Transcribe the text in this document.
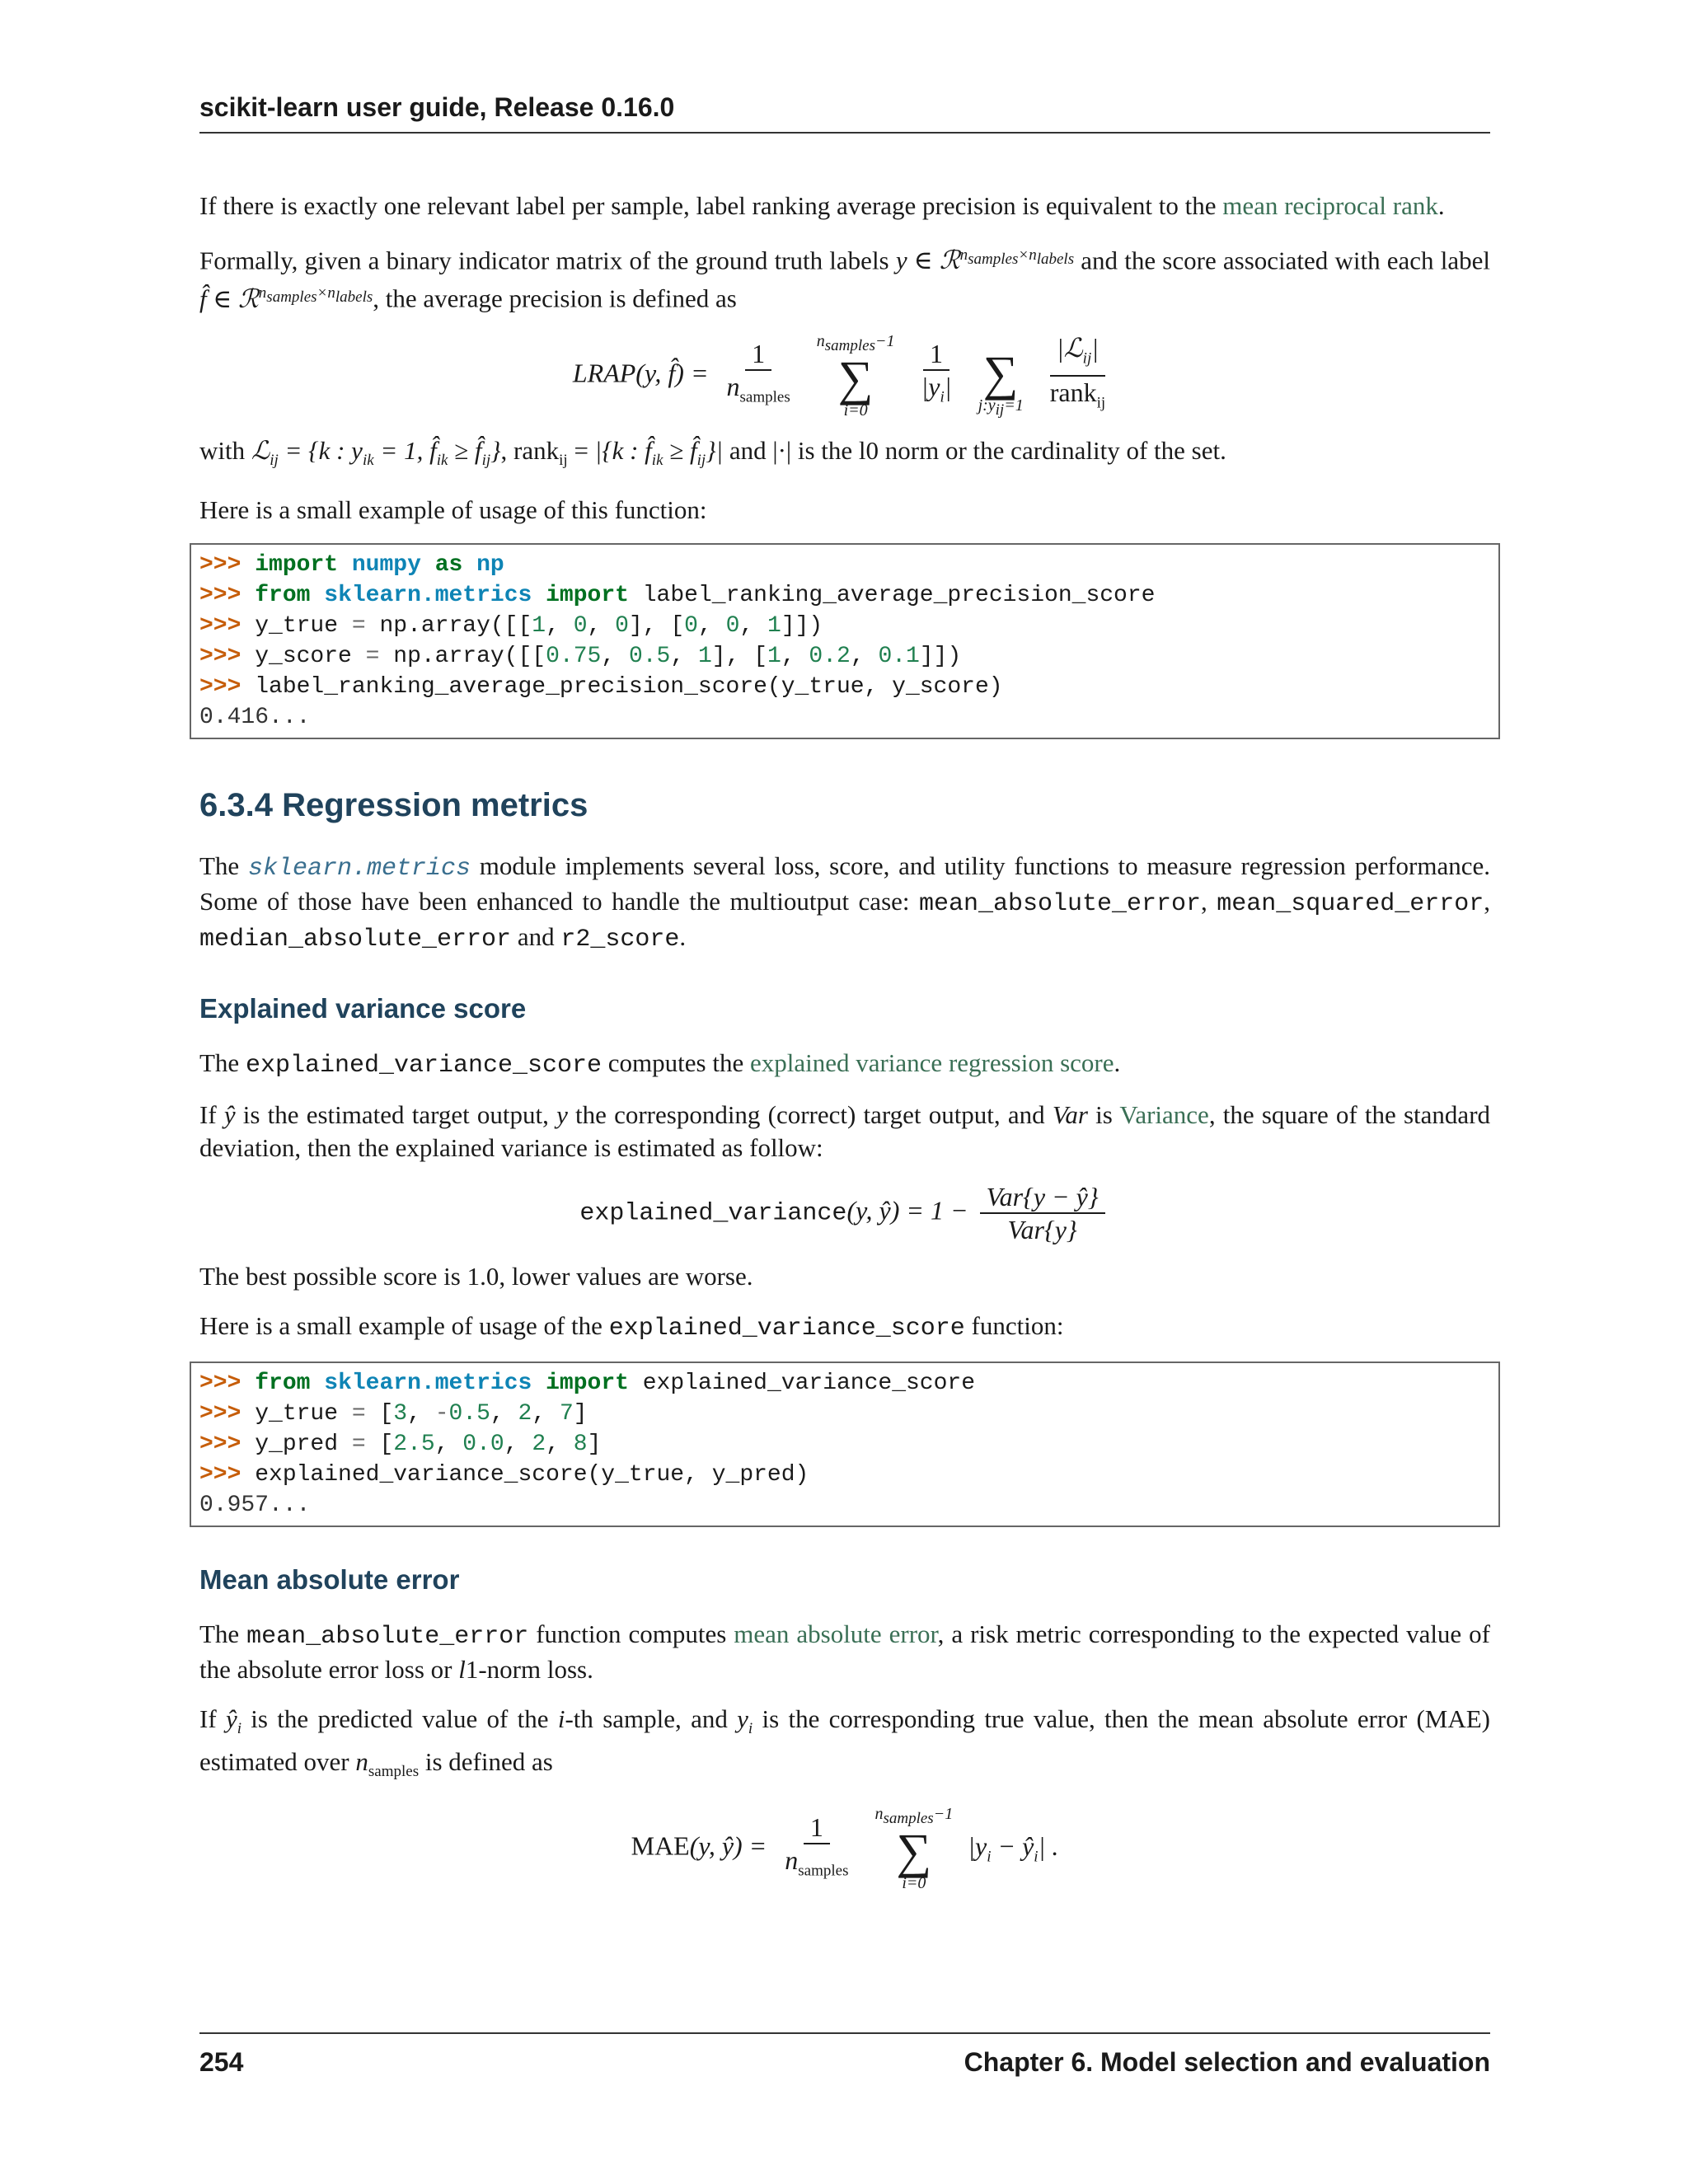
scikit-learn user guide, Release 0.16.0

If there is exactly one relevant label per sample, label ranking average precision is equivalent to the mean reciprocal rank.

Formally, given a binary indicator matrix of the ground truth labels y ∈ ℛ$^{n_{samples}\times n_{labels}}$ and the score associated with each label f̂ ∈ ℛ$^{n_{samples}\times n_{labels}}$, the average precision is defined as

LRAP(y, f̂) = $\frac{1}{n_{samples}}$
$n_{samples}-1$
∑
i=0
$\frac{1}{|y_i|}$

∑
$j:y_{ij}=1$
$\frac{|ℒ_{ij}|}{rank_{ij}}$

with ℒ$_{ij}$ = {k : $y_{ik} = 1$, $f̂_{ik}$ ≥ $f̂_{ij}$}, rank$_{ij}$ = |{k : $f̂_{ik}$ ≥ $f̂_{ij}\}|$ and |·| is the l0 norm or the cardinality of the set.

Here is a small example of usage of this function:

>>> import numpy as np
>>> from sklearn.metrics import label_ranking_average_precision_score
>>> y_true = np.array([[1, 0, 0], [0, 0, 1]])
>>> y_score = np.array([[0.75, 0.5, 1], [1, 0.2, 0.1]])
>>> label_ranking_average_precision_score(y_true, y_score)
0.416...
6.3.4 Regression metrics

The sklearn.metrics module implements several loss, score, and utility functions to measure regression performance. Some of those have been enhanced to handle the multioutput case: mean_absolute_error, mean_squared_error, median_absolute_error and r2_score.

Explained variance score

The explained_variance_score computes the explained variance regression score.

If ŷ is the estimated target output, y the corresponding (correct) target output, and Var is Variance, the square of the standard deviation, then the explained variance is estimated as follow:

explained_variance(y, ŷ) = $1 - \frac{\text{Var\{y − ŷ\}}}{\text{Var\{y\}}}$

The best possible score is 1.0, lower values are worse.

Here is a small example of usage of the explained_variance_score function:

>>> from sklearn.metrics import explained_variance_score
>>> y_true = [3, -0.5, 2, 7]
>>> y_pred = [2.5, 0.0, 2, 8]
>>> explained_variance_score(y_true, y_pred)
0.957...
Mean absolute error

The mean_absolute_error function computes mean absolute error, a risk metric corresponding to the expected value of the absolute error loss or l1-norm loss.

If $ŷ_i$ is the predicted value of the i-th sample, and $y_i$ is the corresponding true value, then the mean absolute error (MAE) estimated over $n_{samples}$ is defined as

MAE(y, ŷ) = $\frac{1}{n_{samples}}$
$n_{samples}-1$
∑
i=0
$|y_i$ − $ŷ_i|$ .
254	Chapter 6. Model selection and evaluation
